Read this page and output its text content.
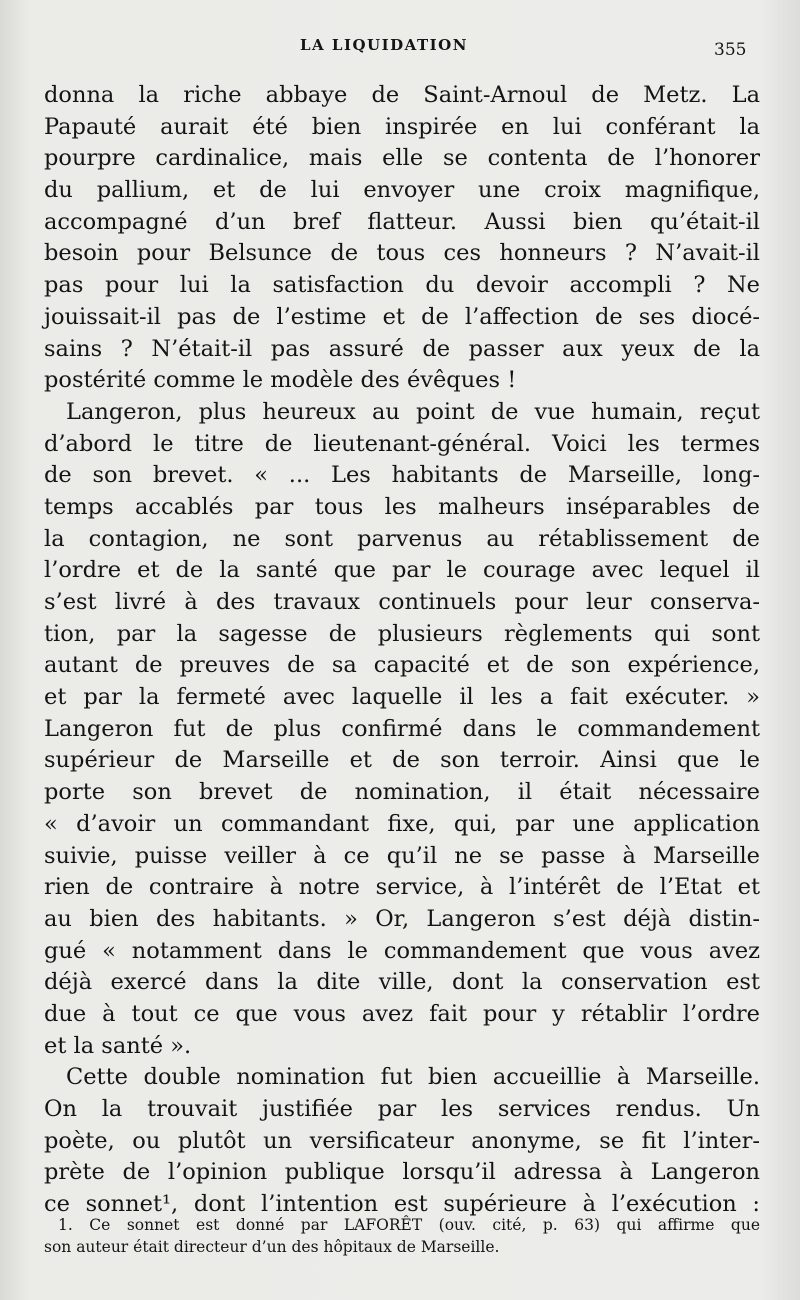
LA LIQUIDATION	355
donna la riche abbaye de Saint-Arnoul de Metz. La
Papauté aurait été bien inspirée en lui conférant la
pourpre cardinalice, mais elle se contenta de l’honorer
du pallium, et de lui envoyer une croix magnifique,
accompagné d’un bref flatteur. Aussi bien qu’était-il
besoin pour Belsunce de tous ces honneurs ? N’avait-il
pas pour lui la satisfaction du devoir accompli ? Ne
jouissait-il pas de l’estime et de l’affection de ses diocé-
sains ? N’était-il pas assuré de passer aux yeux de la
postérité comme le modèle des évêques !
Langeron, plus heureux au point de vue humain, reçut
d’abord le titre de lieutenant-général. Voici les termes
de son brevet. « ... Les habitants de Marseille, long-
temps accablés par tous les malheurs inséparables de
la contagion, ne sont parvenus au rétablissement de
l’ordre et de la santé que par le courage avec lequel il
s’est livré à des travaux continuels pour leur conserva-
tion, par la sagesse de plusieurs règlements qui sont
autant de preuves de sa capacité et de son expérience,
et par la fermeté avec laquelle il les a fait exécuter. »
Langeron fut de plus confirmé dans le commandement
supérieur de Marseille et de son terroir. Ainsi que le
porte son brevet de nomination, il était nécessaire
« d’avoir un commandant fixe, qui, par une application
suivie, puisse veiller à ce qu’il ne se passe à Marseille
rien de contraire à notre service, à l’intérêt de l’Etat et
au bien des habitants. » Or, Langeron s’est déjà distin-
gué « notamment dans le commandement que vous avez
déjà exercé dans la dite ville, dont la conservation est
due à tout ce que vous avez fait pour y rétablir l’ordre
et la santé ».
Cette double nomination fut bien accueillie à Marseille.
On la trouvait justifiée par les services rendus. Un
poète, ou plutôt un versificateur anonyme, se fit l’inter-
prète de l’opinion publique lorsqu’il adressa à Langeron
ce sonnet¹, dont l’intention est supérieure à l’exécution :
1. Ce sonnet est donné par LAFORÊT (ouv. cité, p. 63) qui affirme que
son auteur était directeur d’un des hôpitaux de Marseille.
